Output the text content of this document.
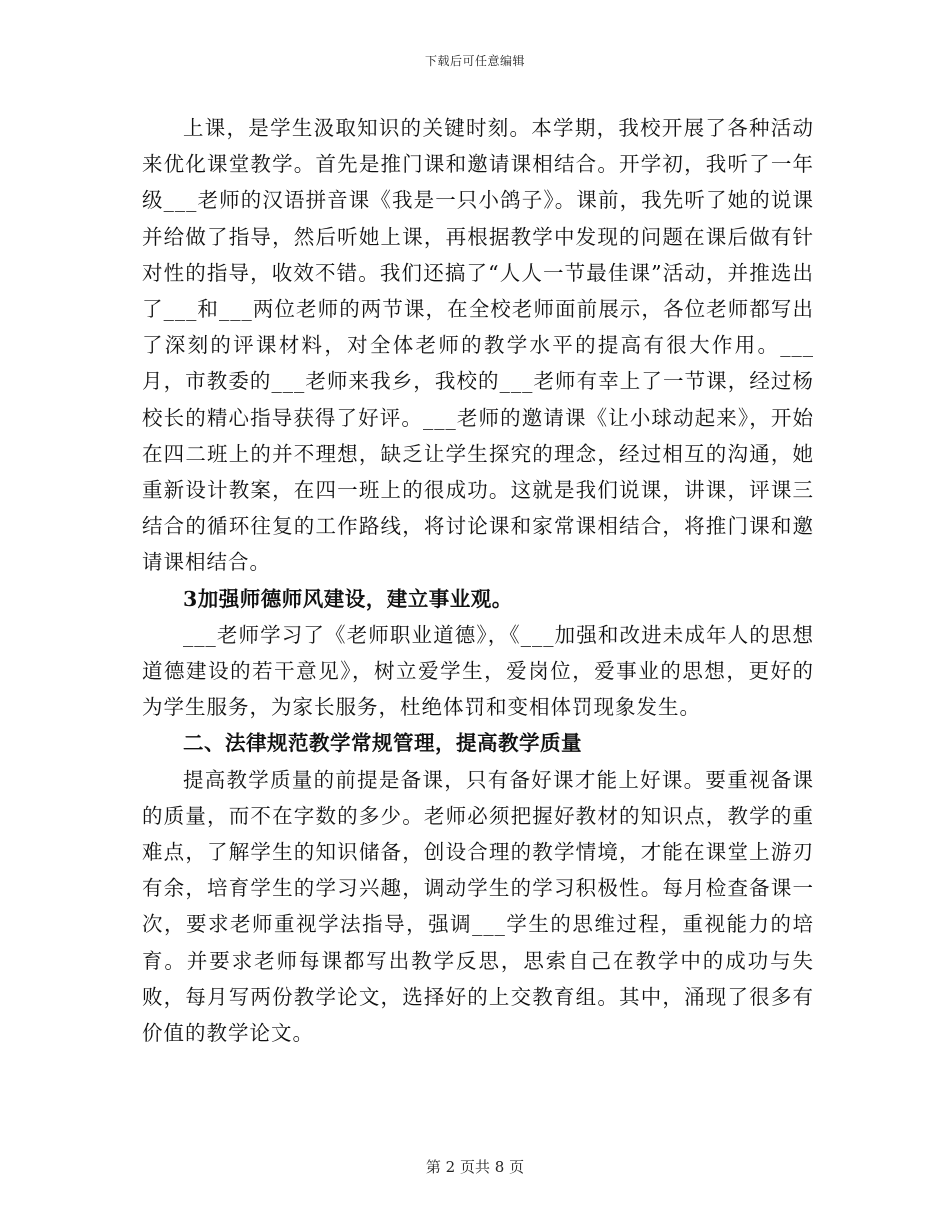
下载后可任意编辑

上课，是学生汲取知识的关键时刻。本学期，我校开展了各种活动来优化课堂教学。首先是推门课和邀请课相结合。开学初，我听了一年级___老师的汉语拼音课《我是一只小鸽子》。课前，我先听了她的说课并给做了指导，然后听她上课，再根据教学中发现的问题在课后做有针对性的指导，收效不错。我们还搞了“人人一节最佳课”活动，并推选出了___和___两位老师的两节课，在全校老师面前展示，各位老师都写出了深刻的评课材料，对全体老师的教学水平的提高有很大作用。___月，市教委的___老师来我乡，我校的___老师有幸上了一节课，经过杨校长的精心指导获得了好评。___老师的邀请课《让小球动起来》，开始在四二班上的并不理想，缺乏让学生探究的理念，经过相互的沟通，她重新设计教案，在四一班上的很成功。这就是我们说课，讲课，评课三结合的循环往复的工作路线，将讨论课和家常课相结合，将推门课和邀请课相结合。

3加强师德师风建设，建立事业观。

___老师学习了《老师职业道德》，《___加强和改进未成年人的思想道德建设的若干意见》，树立爱学生，爱岗位，爱事业的思想，更好的为学生服务，为家长服务，杜绝体罚和变相体罚现象发生。

二、法律规范教学常规管理，提高教学质量

提高教学质量的前提是备课，只有备好课才能上好课。要重视备课的质量，而不在字数的多少。老师必须把握好教材的知识点，教学的重难点，了解学生的知识储备，创设合理的教学情境，才能在课堂上游刃有余，培育学生的学习兴趣，调动学生的学习积极性。每月检查备课一次，要求老师重视学法指导，强调___学生的思维过程，重视能力的培育。并要求老师每课都写出教学反思，思索自己在教学中的成功与失败，每月写两份教学论文，选择好的上交教育组。其中，涌现了很多有价值的教学论文。

第 2 页共 8 页
